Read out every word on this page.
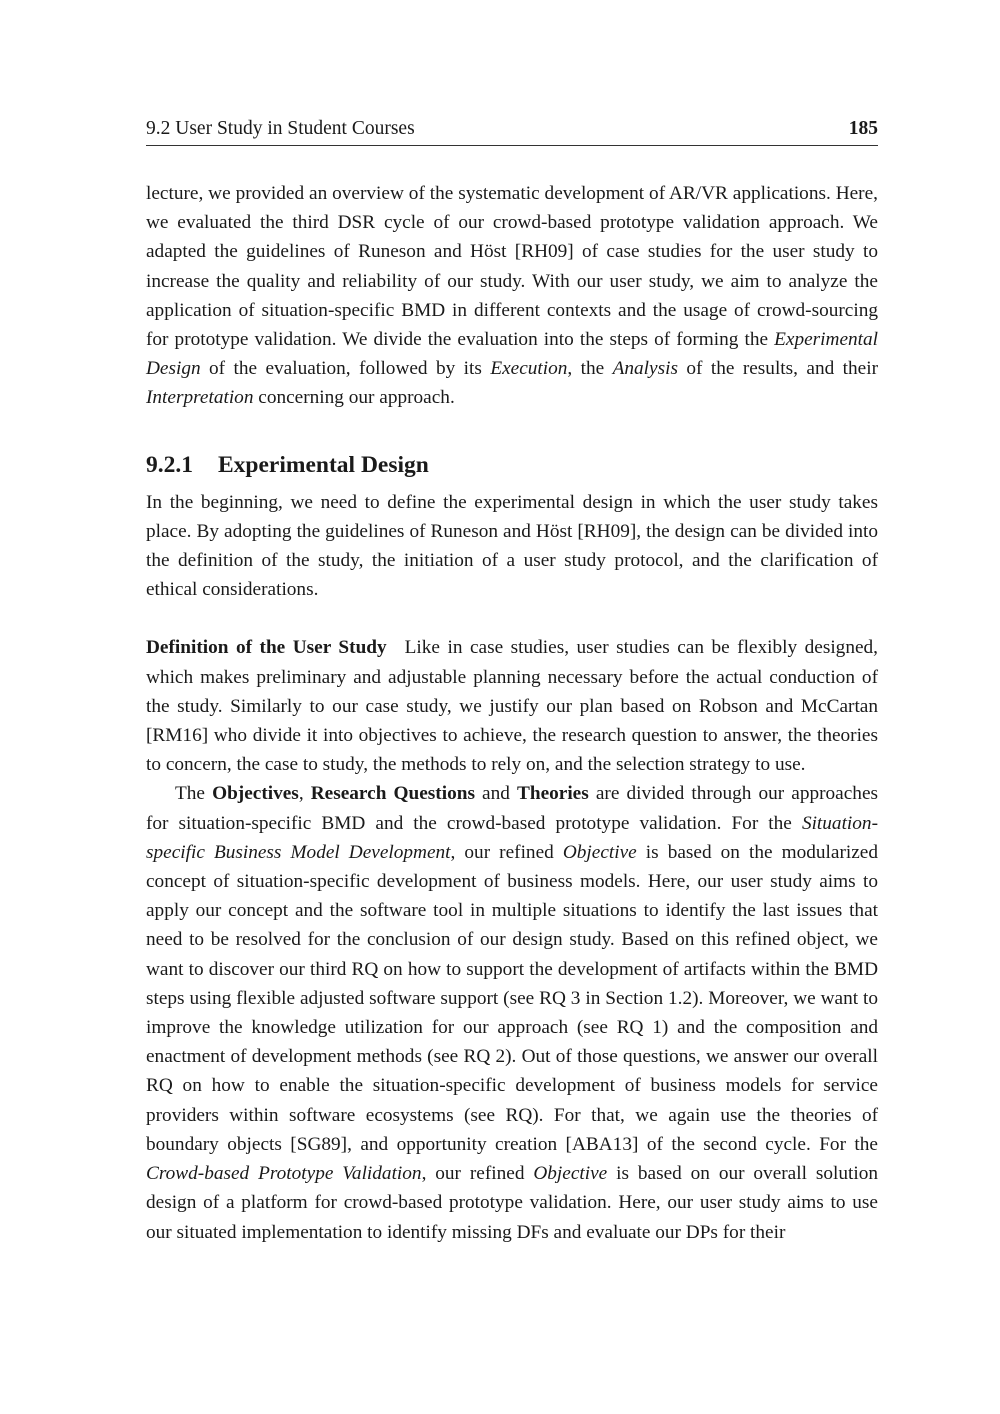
9.2 User Study in Student Courses	185

lecture, we provided an overview of the systematic development of AR/VR applications. Here, we evaluated the third DSR cycle of our crowd-based prototype validation approach. We adapted the guidelines of Runeson and Höst [RH09] of case studies for the user study to increase the quality and reliability of our study. With our user study, we aim to analyze the application of situation-specific BMD in different contexts and the usage of crowd-sourcing for prototype validation. We divide the evaluation into the steps of forming the Experimental Design of the evaluation, followed by its Execution, the Analysis of the results, and their Interpretation concerning our approach.

9.2.1 Experimental Design

In the beginning, we need to define the experimental design in which the user study takes place. By adopting the guidelines of Runeson and Höst [RH09], the design can be divided into the definition of the study, the initiation of a user study protocol, and the clarification of ethical considerations.

Definition of the User Study Like in case studies, user studies can be flexibly designed, which makes preliminary and adjustable planning necessary before the actual conduction of the study. Similarly to our case study, we justify our plan based on Robson and McCartan [RM16] who divide it into objectives to achieve, the research question to answer, the theories to concern, the case to study, the methods to rely on, and the selection strategy to use.

The Objectives, Research Questions and Theories are divided through our approaches for situation-specific BMD and the crowd-based prototype validation. For the Situation-specific Business Model Development, our refined Objective is based on the modularized concept of situation-specific development of business models. Here, our user study aims to apply our concept and the software tool in multiple situations to identify the last issues that need to be resolved for the conclusion of our design study. Based on this refined object, we want to discover our third RQ on how to support the development of artifacts within the BMD steps using flexible adjusted software support (see RQ 3 in Section 1.2). Moreover, we want to improve the knowledge utilization for our approach (see RQ 1) and the composition and enactment of development methods (see RQ 2). Out of those questions, we answer our overall RQ on how to enable the situation-specific development of business models for service providers within software ecosystems (see RQ). For that, we again use the theories of boundary objects [SG89], and opportunity creation [ABA13] of the second cycle. For the Crowd-based Prototype Validation, our refined Objective is based on our overall solution design of a platform for crowd-based prototype validation. Here, our user study aims to use our situated implementation to identify missing DFs and evaluate our DPs for their
